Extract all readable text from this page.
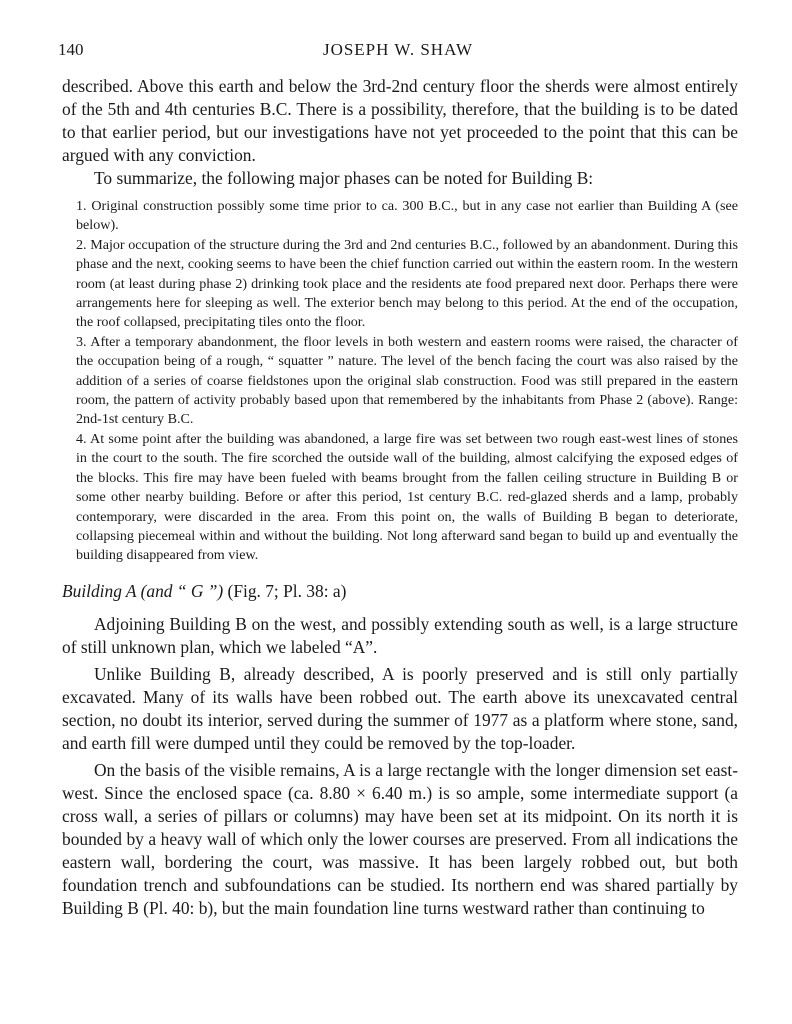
140	JOSEPH W. SHAW

described. Above this earth and below the 3rd-2nd century floor the sherds were almost entirely of the 5th and 4th centuries B.C. There is a possibility, therefore, that the building is to be dated to that earlier period, but our investigations have not yet proceeded to the point that this can be argued with any conviction.

To summarize, the following major phases can be noted for Building B:

1. Original construction possibly some time prior to ca. 300 B.C., but in any case not earlier than Building A (see below).

2. Major occupation of the structure during the 3rd and 2nd centuries B.C., followed by an abandonment. During this phase and the next, cooking seems to have been the chief function carried out within the eastern room. In the western room (at least during phase 2) drinking took place and the residents ate food prepared next door. Perhaps there were arrangements here for sleeping as well. The exterior bench may belong to this period. At the end of the occupation, the roof collapsed, precipitating tiles onto the floor.

3. After a temporary abandonment, the floor levels in both western and eastern rooms were raised, the character of the occupation being of a rough, “ squatter ” nature. The level of the bench facing the court was also raised by the addition of a series of coarse fieldstones upon the original slab construction. Food was still prepared in the eastern room, the pattern of activity probably based upon that remembered by the inhabitants from Phase 2 (above). Range: 2nd-1st century B.C.

4. At some point after the building was abandoned, a large fire was set between two rough east-west lines of stones in the court to the south. The fire scorched the outside wall of the building, almost calcifying the exposed edges of the blocks. This fire may have been fueled with beams brought from the fallen ceiling structure in Building B or some other nearby building. Before or after this period, 1st century B.C. red-glazed sherds and a lamp, probably contemporary, were discarded in the area. From this point on, the walls of Building B began to deteriorate, collapsing piecemeal within and without the building. Not long afterward sand began to build up and eventually the building disappeared from view.

Building A (and “ G ”) (Fig. 7; Pl. 38: a)

Adjoining Building B on the west, and possibly extending south as well, is a large structure of still unknown plan, which we labeled “A”.

Unlike Building B, already described, A is poorly preserved and is still only partially excavated. Many of its walls have been robbed out. The earth above its unexcavated central section, no doubt its interior, served during the summer of 1977 as a platform where stone, sand, and earth fill were dumped until they could be removed by the top-loader.

On the basis of the visible remains, A is a large rectangle with the longer dimension set east-west. Since the enclosed space (ca. 8.80 × 6.40 m.) is so ample, some intermediate support (a cross wall, a series of pillars or columns) may have been set at its midpoint. On its north it is bounded by a heavy wall of which only the lower courses are preserved. From all indications the eastern wall, bordering the court, was massive. It has been largely robbed out, but both foundation trench and subfoundations can be studied. Its northern end was shared partially by Building B (Pl. 40: b), but the main foundation line turns westward rather than continuing to
